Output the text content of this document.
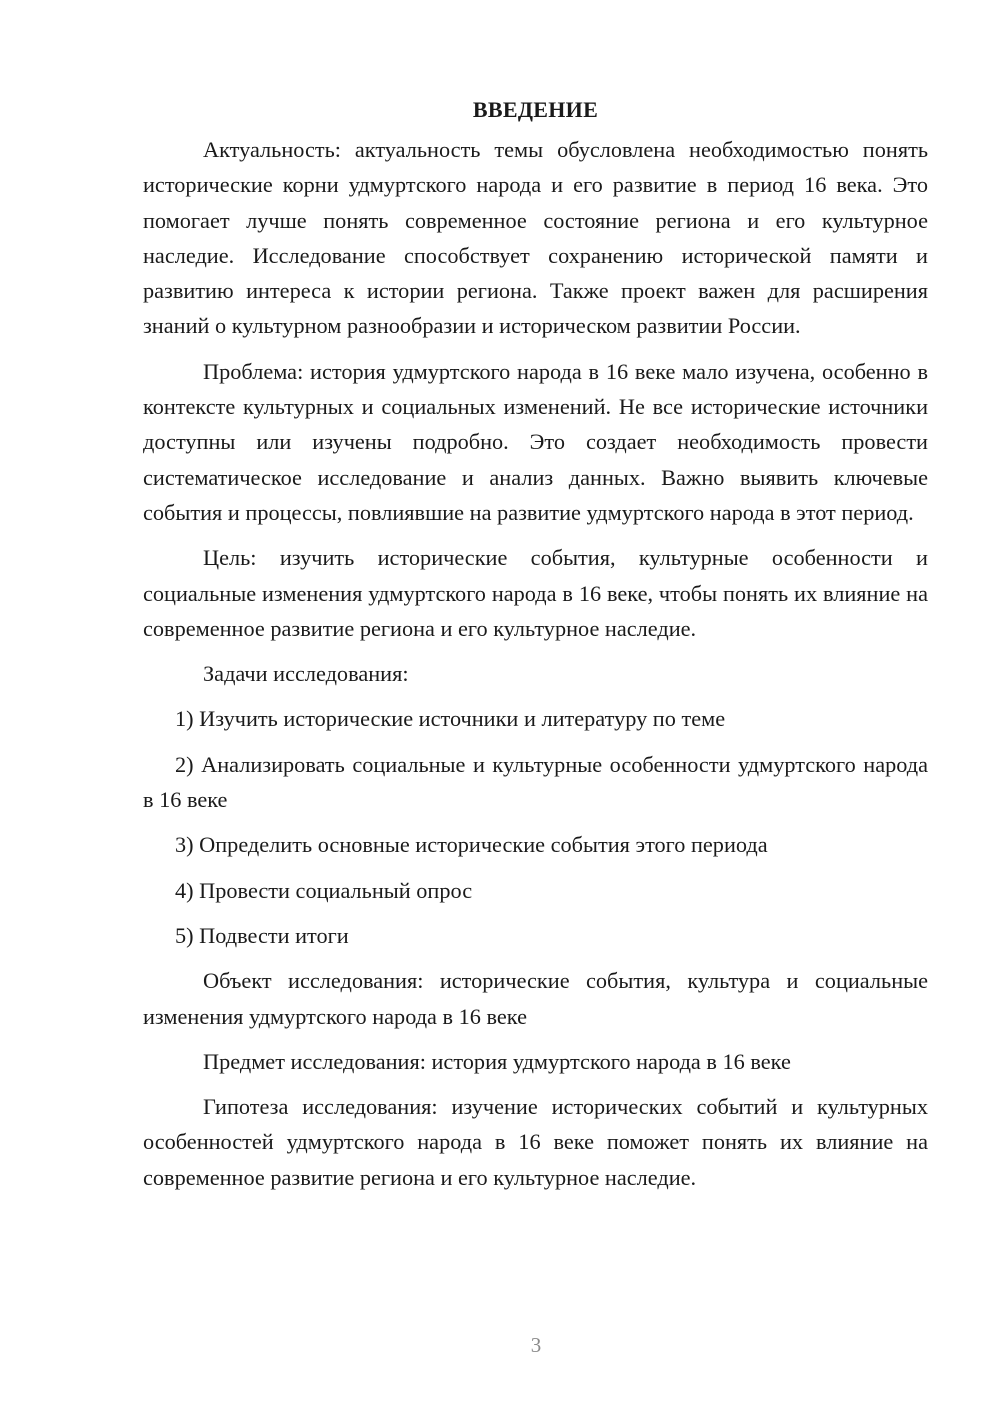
ВВЕДЕНИЕ

Актуальность: актуальность темы обусловлена необходимостью понять исторические корни удмуртского народа и его развитие в период 16 века. Это помогает лучше понять современное состояние региона и его культурное наследие. Исследование способствует сохранению исторической памяти и развитию интереса к истории региона. Также проект важен для расширения знаний о культурном разнообразии и историческом развитии России.

Проблема: история удмуртского народа в 16 веке мало изучена, особенно в контексте культурных и социальных изменений. Не все исторические источники доступны или изучены подробно. Это создает необходимость провести систематическое исследование и анализ данных. Важно выявить ключевые события и процессы, повлиявшие на развитие удмуртского народа в этот период.

Цель: изучить исторические события, культурные особенности и социальные изменения удмуртского народа в 16 веке, чтобы понять их влияние на современное развитие региона и его культурное наследие.

Задачи исследования:

1) Изучить исторические источники и литературу по теме

2) Анализировать социальные и культурные особенности удмуртского народа в 16 веке

3) Определить основные исторические события этого периода

4) Провести социальный опрос

5) Подвести итоги

Объект исследования: исторические события, культура и социальные изменения удмуртского народа в 16 веке

Предмет исследования: история удмуртского народа в 16 веке

Гипотеза исследования: изучение исторических событий и культурных особенностей удмуртского народа в 16 веке поможет понять их влияние на современное развитие региона и его культурное наследие.

3
